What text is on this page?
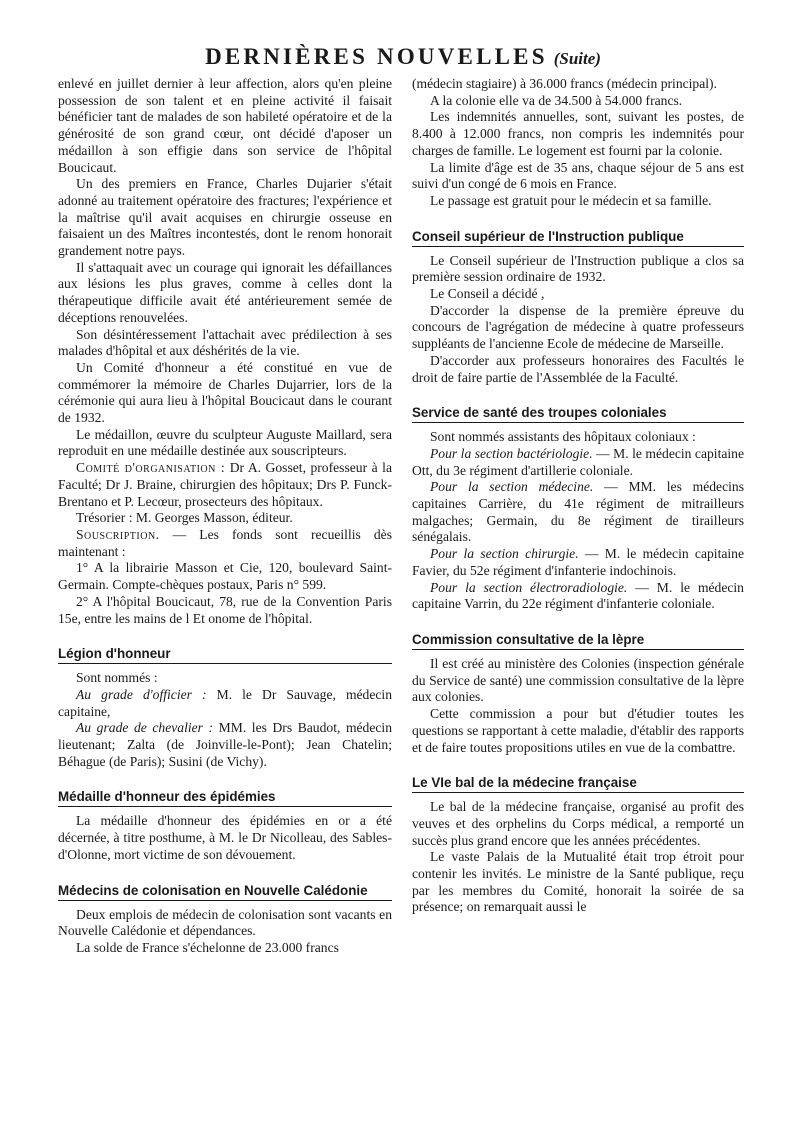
DERNIÈRES NOUVELLES (Suite)

enlevé en juillet dernier à leur affection, alors qu'en pleine possession de son talent et en pleine activité il faisait bénéficier tant de malades de son habileté opératoire et de la générosité de son grand cœur, ont décidé d'aposer un médaillon à son effigie dans son service de l'hôpital Boucicaut.

Un des premiers en France, Charles Dujarier s'était adonné au traitement opératoire des fractures; l'expérience et la maîtrise qu'il avait acquises en chirurgie osseuse en faisaient un des Maîtres incontestés, dont le renom honorait grandement notre pays.

Il s'attaquait avec un courage qui ignorait les défaillances aux lésions les plus graves, comme à celles dont la thérapeutique difficile avait été antérieurement semée de déceptions renouvelées.

Son désintéressement l'attachait avec prédilection à ses malades d'hôpital et aux déshérités de la vie.

Un Comité d'honneur a été constitué en vue de commémorer la mémoire de Charles Dujarrier, lors de la cérémonie qui aura lieu à l'hôpital Boucicaut dans le courant de 1932.

Le médaillon, œuvre du sculpteur Auguste Maillard, sera reproduit en une médaille destinée aux souscripteurs.

Comité d'organisation : Dr A. Gosset, professeur à la Faculté; Dr J. Braine, chirurgien des hôpitaux; Drs P. Funck-Brentano et P. Lecœur, prosecteurs des hôpitaux.

Trésorier : M. Georges Masson, éditeur.

Souscription. — Les fonds sont recueillis dès maintenant :

1° A la librairie Masson et Cie, 120, boulevard Saint-Germain. Compte-chèques postaux, Paris n° 599.

2° A l'hôpital Boucicaut, 78, rue de la Convention Paris 15e, entre les mains de l Et onome de l'hôpital.

Légion d'honneur

Sont nommés :

Au grade d'officier : M. le Dr Sauvage, médecin capitaine,

Au grade de chevalier : MM. les Drs Baudot, médecin lieutenant; Zalta (de Joinville-le-Pont); Jean Chatelin; Béhague (de Paris); Susini (de Vichy).

Médaille d'honneur des épidémies

La médaille d'honneur des épidémies en or a été décernée, à titre posthume, à M. le Dr Nicolleau, des Sables-d'Olonne, mort victime de son dévouement.

Médecins de colonisation en Nouvelle Calédonie

Deux emplois de médecin de colonisation sont vacants en Nouvelle Calédonie et dépendances.

La solde de France s'échelonne de 23.000 francs

(médecin stagiaire) à 36.000 francs (médecin principal).

A la colonie elle va de 34.500 à 54.000 francs.

Les indemnités annuelles, sont, suivant les postes, de 8.400 à 12.000 francs, non compris les indemnités pour charges de famille. Le logement est fourni par la colonie.

La limite d'âge est de 35 ans, chaque séjour de 5 ans est suivi d'un congé de 6 mois en France.

Le passage est gratuit pour le médecin et sa famille.

Conseil supérieur de l'Instruction publique

Le Conseil supérieur de l'Instruction publique a clos sa première session ordinaire de 1932.

Le Conseil a décidé ,

D'accorder la dispense de la première épreuve du concours de l'agrégation de médecine à quatre professeurs suppléants de l'ancienne Ecole de médecine de Marseille.

D'accorder aux professeurs honoraires des Facultés le droit de faire partie de l'Assemblée de la Faculté.

Service de santé des troupes coloniales

Sont nommés assistants des hôpitaux coloniaux :

Pour la section bactériologie. — M. le médecin capitaine Ott, du 3e régiment d'artillerie coloniale.

Pour la section médecine. — MM. les médecins capitaines Carrière, du 41e régiment de mitrailleurs malgaches; Germain, du 8e régiment de tirailleurs sénégalais.

Pour la section chirurgie. — M. le médecin capitaine Favier, du 52e régiment d'infanterie indochinois.

Pour la section électroradiologie. — M. le médecin capitaine Varrin, du 22e régiment d'infanterie coloniale.

Commission consultative de la lèpre

Il est créé au ministère des Colonies (inspection générale du Service de santé) une commission consultative de la lèpre aux colonies.

Cette commission a pour but d'étudier toutes les questions se rapportant à cette maladie, d'établir des rapports et de faire toutes propositions utiles en vue de la combattre.

Le VIe bal de la médecine française

Le bal de la médecine française, organisé au profit des veuves et des orphelins du Corps médical, a remporté un succès plus grand encore que les années précédentes.

Le vaste Palais de la Mutualité était trop étroit pour contenir les invités. Le ministre de la Santé publique, reçu par les membres du Comité, honorait la soirée de sa présence; on remarquait aussi le
